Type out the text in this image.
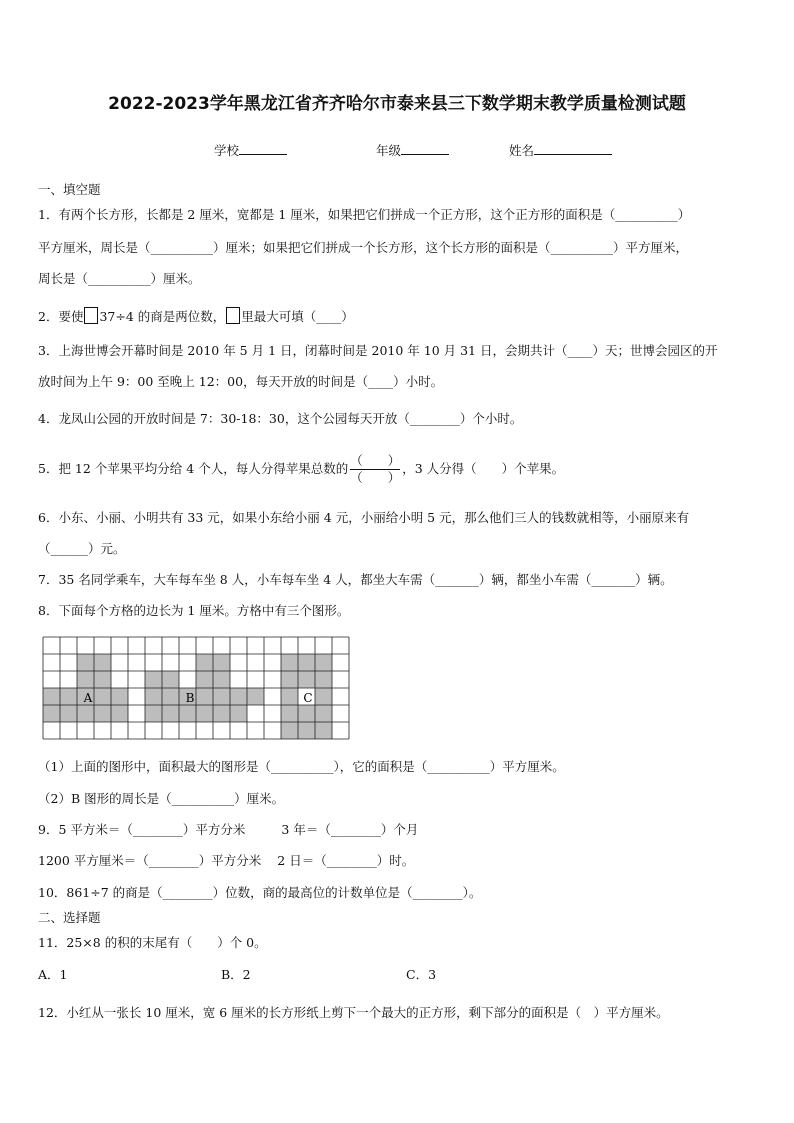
2022-2023学年黑龙江省齐齐哈尔市泰来县三下数学期末教学质量检测试题
学校	年级	姓名
一、填空题
1．有两个长方形，长都是 2 厘米，宽都是 1 厘米，如果把它们拼成一个正方形，这个正方形的面积是（__________）
平方厘米，周长是（__________）厘米；如果把它们拼成一个长方形，这个长方形的面积是（__________）平方厘米，
周长是（__________）厘米。
2．要使 37÷4 的商是两位数， 里最大可填（____）
3．上海世博会开幕时间是 2010 年 5 月 1 日，闭幕时间是 2010 年 10 月 31 日，会期共计（____）天；世博会园区的开
放时间为上午 9：00 至晚上 12：00，每天开放的时间是（____）小时。
4．龙凤山公园的开放时间是 7：30-18：30，这个公园每天开放（________）个小时。
5．把 12 个苹果平均分给 4 个人，每人分得苹果总数的 $\frac{( )}{( )}$ ，3 人分得（　　）个苹果。
6．小东、小丽、小明共有 33 元，如果小东给小丽 4 元，小丽给小明 5 元，那么他们三人的钱数就相等，小丽原来有
（______）元。
7．35 名同学乘车，大车每车坐 8 人，小车每车坐 4 人，都坐大车需（_______）辆，都坐小车需（_______）辆。
8．下面每个方格的边长为 1 厘米。方格中有三个图形。
A	B	C
（1）上面的图形中，面积最大的图形是（__________），它的面积是（__________）平方厘米。
（2）B 图形的周长是（__________）厘米。
9．5 平方米＝（________）平方分米	3 年＝（________）个月
1200 平方厘米＝（________）平方分米 2 日＝（________）时。
10．861÷7 的商是（________）位数，商的最高位的计数单位是（________）。
二、选择题
11．25×8 的积的末尾有（　　）个 0。
A．1	B．2	C．3
12．小红从一张长 10 厘米，宽 6 厘米的长方形纸上剪下一个最大的正方形，剩下部分的面积是（　）平方厘米。
